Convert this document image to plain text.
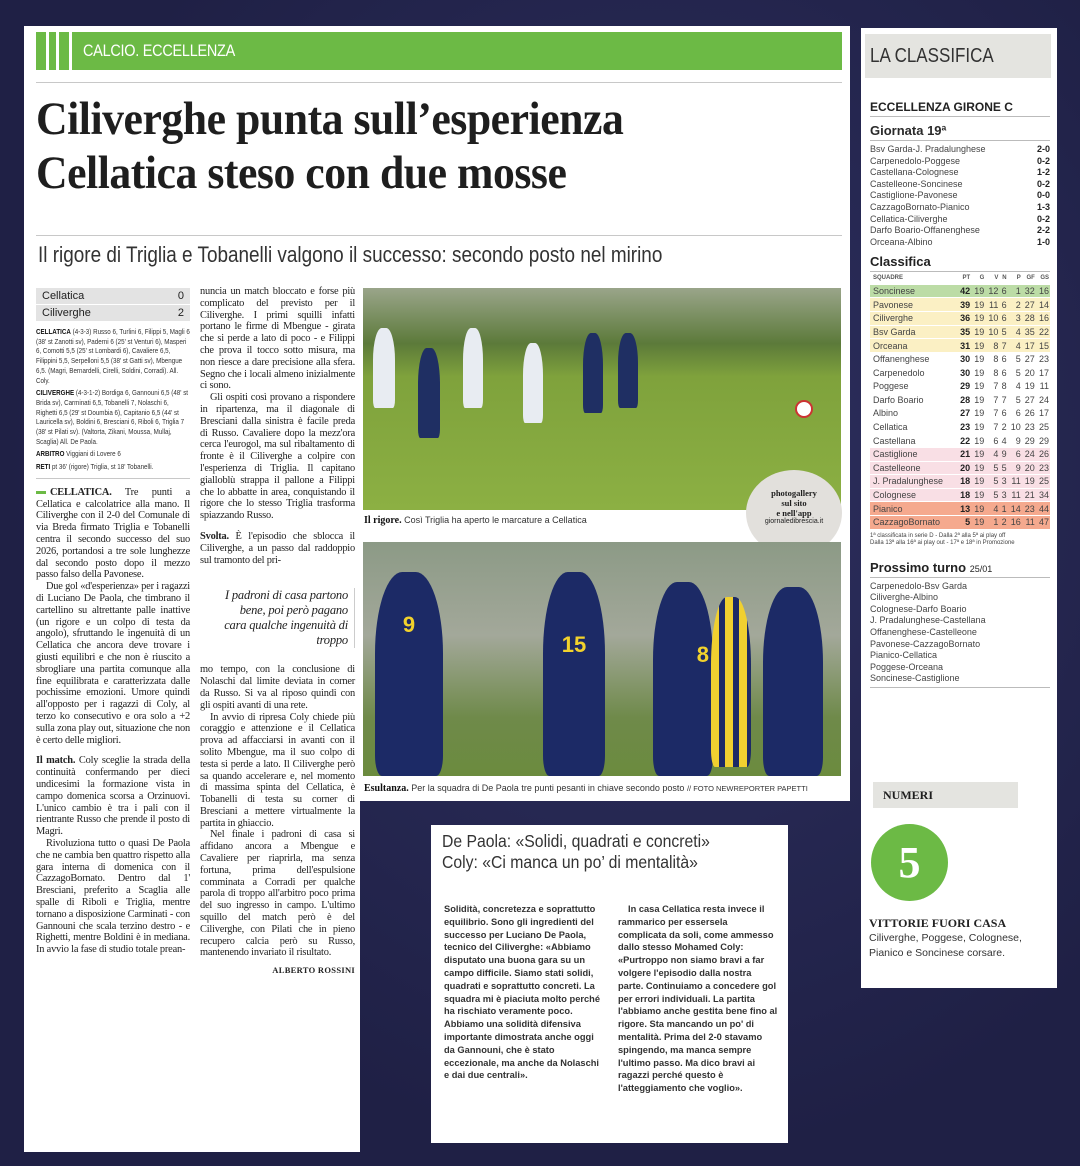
CALCIO. ECCELLENZA
Ciliverghe punta sull’esperienza
Cellatica steso con due mosse
Il rigore di Triglia e Tobanelli valgono il successo: secondo posto nel mirino
Il rigore. Così Triglia ha aperto le marcature a Cellatica
photogallery
sul sito
e nell'app
giornaledibrescia.it
9
15	8
Esultanza. Per la squadra di De Paola tre punti pesanti in chiave secondo posto // FOTO NEWREPORTER PAPETTI
Cellatica	0
Ciliverghe	2

CELLATICA (4-3-3) Russo 6, Turlini 6, Filippi 5, Magli 6 (38' st Zanotti sv), Paderni 6 (25' st Venturi 6), Masperi 6, Comotti 5,5 (25' st Lombardi 6), Cavaliere 6,5, Filippini 5,5, Serpelloni 5,5 (38' st Gatti sv), Mbengue 6,5. (Magri, Bernardelli, Cirelli, Soldini, Corradi). All. Coly.

CILIVERGHE (4-3-1-2) Bordiga 6, Gannouni 6,5 (48' st Brida sv), Carminati 6,5, Tobanelli 7, Nolaschi 6, Righetti 6,5 (29' st Doumbia 6), Capitanio 6,5 (44' st Lauricella sv), Boldini 6, Bresciani 6, Riboli 6, Triglia 7 (38' st Pilati sv). (Valtorta, Zikani, Moussa, Mullaj, Scaglia) All. De Paola.

ARBITRO Viggiani di Lovere 6

RETI pt 36' (rigore) Triglia, st 18' Tobanelli.

CELLATICA. Tre punti a Cellatica e calcolatrice alla mano. Il Ciliverghe con il 2-0 del Comunale di via Breda firmato Triglia e Tobanelli centra il secondo successo del suo 2026, portandosi a tre sole lunghezze dal secondo posto dopo il mezzo passo falso della Pavonese.

Due gol «d'esperienza» per i ragazzi di Luciano De Paola, che timbrano il cartellino su altrettante palle inattive (un rigore e un colpo di testa da angolo), sfruttando le ingenuità di un Cellatica che ancora deve trovare i giusti equilibri e che non è riuscito a sbrogliare una partita comunque alla fine equilibrata e caratterizzata dalle pochissime emozioni. Umore quindi all'opposto per i ragazzi di Coly, al terzo ko consecutivo e ora solo a +2 sulla zona play out, situazione che non è certo delle migliori.

Il match. Coly sceglie la strada della continuità confermando per dieci undicesimi la formazione vista in campo domenica scorsa a Orzinuovi. L'unico cambio è tra i pali con il rientrante Russo che prende il posto di Magri.

Rivoluziona tutto o quasi De Paola che ne cambia ben quattro rispetto alla gara interna di domenica con il CazzagoBornato. Dentro dal 1' Bresciani, preferito a Scaglia alle spalle di Riboli e Triglia, mentre tornano a disposizione Carminati - con Gannouni che scala terzino destro - e Righetti, mentre Boldini è in mediana. In avvio la fase di studio totale prean-

nuncia un match bloccato e forse più complicato del previsto per il Ciliverghe. I primi squilli infatti portano le firme di Mbengue - girata che si perde a lato di poco - e Filippi che prova il tocco sotto misura, ma non riesce a dare precisione alla sfera. Segno che i locali almeno inizialmente ci sono.

Gli ospiti così provano a rispondere in ripartenza, ma il diagonale di Bresciani dalla sinistra è facile preda di Russo. Cavaliere dopo la mezz'ora cerca l'eurogol, ma sul ribaltamento di fronte è il Ciliverghe a colpire con l'esperienza di Triglia. Il capitano gialloblù strappa il pallone a Filippi che lo abbatte in area, conquistando il rigore che lo stesso Triglia trasforma spiazzando Russo.

Svolta. È l'episodio che sblocca il Ciliverghe, a un passo dal raddoppio sul tramonto del pri-

I padroni di casa partono bene, poi però pagano cara qualche ingenuità di troppo

mo tempo, con la conclusione di Nolaschi dal limite deviata in corner da Russo. Si va al riposo quindi con gli ospiti avanti di una rete.

In avvio di ripresa Coly chiede più coraggio e attenzione e il Cellatica prova ad affacciarsi in avanti con il solito Mbengue, ma il suo colpo di testa si perde a lato. Il Ciliverghe però sa quando accelerare e, nel momento di massima spinta del Cellatica, è Tobanelli di testa su corner di Bresciani a mettere virtualmente la partita in ghiaccio.

Nel finale i padroni di casa si affidano ancora a Mbengue e Cavaliere per riaprirla, ma senza fortuna, prima dell'espulsione comminata a Corradi per qualche parola di troppo all'arbitro poco prima del suo ingresso in campo. L'ultimo squillo del match però è del Ciliverghe, con Pilati che in pieno recupero calcia però su Russo, mantenendo invariato il risultato.

ALBERTO ROSSINI
De Paola: «Solidi, quadrati e concreti»
Coly: «Ci manca un po’ di mentalità»
Solidità, concretezza e soprattutto equilibrio. Sono gli ingredienti del successo per Luciano De Paola, tecnico del Ciliverghe: «Abbiamo disputato una buona gara su un campo difficile. Siamo stati solidi, quadrati e soprattutto concreti. La squadra mi è piaciuta molto perché ha rischiato veramente poco. Abbiamo una solidità difensiva importante dimostrata anche oggi da Gannouni, che è stato eccezionale, ma anche da Nolaschi e dai due centrali».
In casa Cellatica resta invece il rammarico per essersela complicata da soli, come ammesso dallo stesso Mohamed Coly: «Purtroppo non siamo bravi a far volgere l'episodio dalla nostra parte. Continuiamo a concedere gol per errori individuali. La partita l'abbiamo anche gestita bene fino al rigore. Sta mancando un po' di mentalità. Prima del 2-0 stavamo spingendo, ma manca sempre l'ultimo passo. Ma dico bravi ai ragazzi perché questo è l'atteggiamento che voglio».
LA CLASSIFICA
ECCELLENZA GIRONE C
Giornata 19ª
Bsv Garda-J. Pradalunghese	2-0
Carpenedolo-Poggese	0-2
Castellana-Colognese	1-2
Castelleone-Soncinese	0-2
Castiglione-Pavonese	0-0
CazzagoBornato-Pianico	1-3
Cellatica-Ciliverghe	0-2
Darfo Boario-Offanenghese	2-2
Orceana-Albino	1-0
Classifica
SQUADRE	PT	G	V	N	P	GF	GS
Soncinese	42	19	12	6	1	32	16
Pavonese	39	19	11	6	2	27	14
Ciliverghe	36	19	10	6	3	28	16
Bsv Garda	35	19	10	5	4	35	22
Orceana	31	19	8	7	4	17	15
Offanenghese	30	19	8	6	5	27	23
Carpenedolo	30	19	8	6	5	20	17
Poggese	29	19	7	8	4	19	11
Darfo Boario	28	19	7	7	5	27	24
Albino	27	19	7	6	6	26	17
Cellatica	23	19	7	2	10	23	25
Castellana	22	19	6	4	9	29	29
Castiglione	21	19	4	9	6	24	26
Castelleone	20	19	5	5	9	20	23
J. Pradalunghese	18	19	5	3	11	19	25
Colognese	18	19	5	3	11	21	34
Pianico	13	19	4	1	14	23	44
CazzagoBornato	5	19	1	2	16	11	47
1ª classificata in serie D - Dalla 2ª alla 5ª ai play off
Dalla 13ª alla 16ª ai play out - 17ª e 18ª in Promozione
Prossimo turno 25/01
Carpenedolo-Bsv Garda
Ciliverghe-Albino
Colognese-Darfo Boario
J. Pradalunghese-Castellana
Offanenghese-Castelleone
Pavonese-CazzagoBornato
Pianico-Cellatica
Poggese-Orceana
Soncinese-Castiglione
NUMERI
5
VITTORIE FUORI CASA
Ciliverghe, Poggese, Colognese, Pianico e Soncinese corsare.
